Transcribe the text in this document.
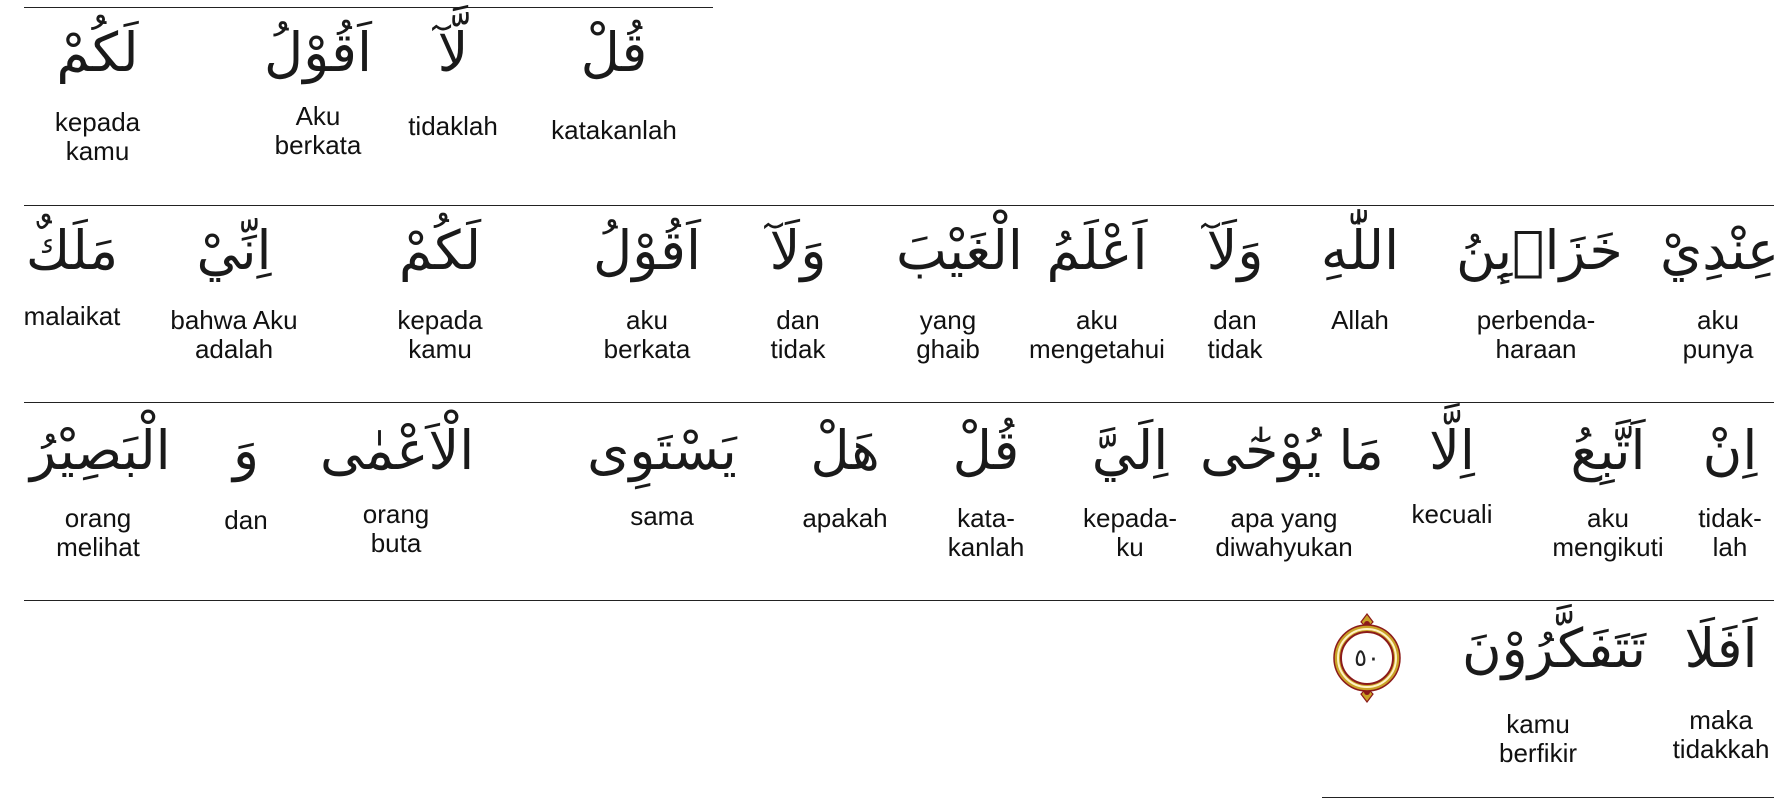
قُلْ
katakanlah
لَّآ
tidaklah
اَقُوْلُ
Aku
berkata
لَكُمْ
kepada
kamu
عِنْدِيْ
aku
punya
خَزَاۤىِٕنُ
perbenda-
haraan
اللّٰهِ
Allah
وَلَآ
dan
tidak
اَعْلَمُ
aku
mengetahui
الْغَيْبَ
yang
ghaib
وَلَآ
dan
tidak
اَقُوْلُ
aku
berkata
لَكُمْ
kepada
kamu
اِنِّيْ
bahwa Aku
adalah
مَلَكٌ
malaikat
اِنْ
tidak-
lah
اَتَّبِعُ
aku
mengikuti
اِلَّا
kecuali
مَا يُوْحٰٓى
apa yang
diwahyukan
اِلَيَّ
kepada-
ku
قُلْ
kata-
kanlah
هَلْ
apakah
يَسْتَوِى
sama
الْاَعْمٰى
orang
buta
وَ
dan
الْبَصِيْرُ
orang
melihat
اَفَلَا
maka
tidakkah
تَتَفَكَّرُوْنَ
kamu
berfikir
٥٠
